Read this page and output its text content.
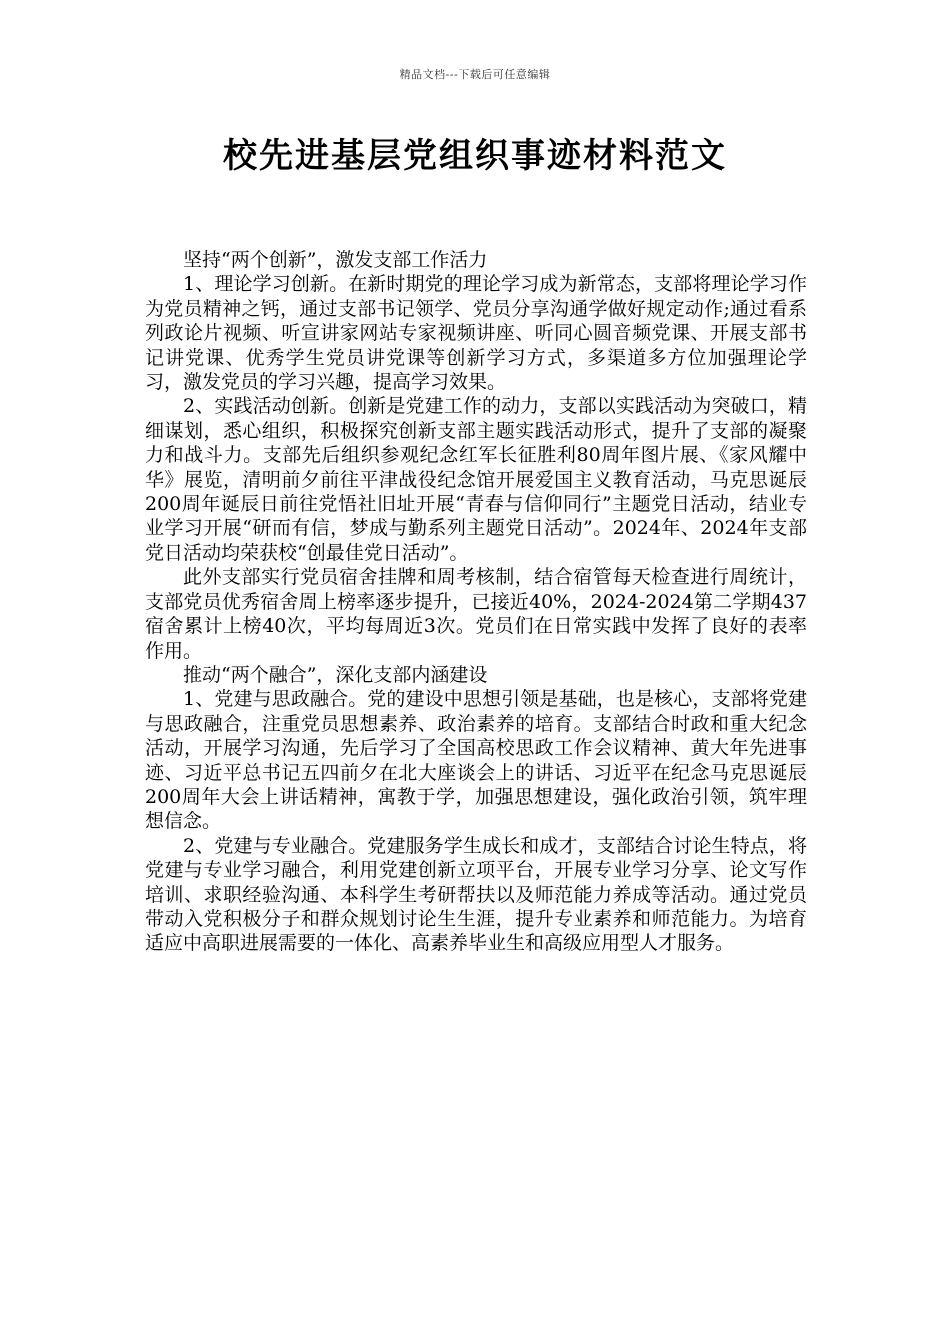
精品文档---下载后可任意编辑
校先进基层党组织事迹材料范文

坚持“两个创新”，激发支部工作活力

1、理论学习创新。在新时期党的理论学习成为新常态，支部将理论学习作为党员精神之钙，通过支部书记领学、党员分享沟通学做好规定动作;通过看系列政论片视频、听宣讲家网站专家视频讲座、听同心圆音频党课、开展支部书记讲党课、优秀学生党员讲党课等创新学习方式，多渠道多方位加强理论学习，激发党员的学习兴趣，提高学习效果。

2、实践活动创新。创新是党建工作的动力，支部以实践活动为突破口，精细谋划，悉心组织，积极探究创新支部主题实践活动形式，提升了支部的凝聚力和战斗力。支部先后组织参观纪念红军长征胜利80周年图片展、《家风耀中华》展览，清明前夕前往平津战役纪念馆开展爱国主义教育活动，马克思诞辰200周年诞辰日前往党悟社旧址开展“青春与信仰同行”主题党日活动，结业专业学习开展“研而有信，梦成与勤系列主题党日活动”。2024年、2024年支部党日活动均荣获校“创最佳党日活动”。

此外支部实行党员宿舍挂牌和周考核制，结合宿管每天检查进行周统计，支部党员优秀宿舍周上榜率逐步提升，已接近40%，2024-2024第二学期437宿舍累计上榜40次，平均每周近3次。党员们在日常实践中发挥了良好的表率作用。

推动“两个融合”，深化支部内涵建设

1、党建与思政融合。党的建设中思想引领是基础，也是核心，支部将党建与思政融合，注重党员思想素养、政治素养的培育。支部结合时政和重大纪念活动，开展学习沟通，先后学习了全国高校思政工作会议精神、黄大年先进事迹、习近平总书记五四前夕在北大座谈会上的讲话、习近平在纪念马克思诞辰200周年大会上讲话精神，寓教于学，加强思想建设，强化政治引领，筑牢理想信念。

2、党建与专业融合。党建服务学生成长和成才，支部结合讨论生特点，将党建与专业学习融合，利用党建创新立项平台，开展专业学习分享、论文写作培训、求职经验沟通、本科学生考研帮扶以及师范能力养成等活动。通过党员带动入党积极分子和群众规划讨论生生涯，提升专业素养和师范能力。为培育适应中高职进展需要的一体化、高素养毕业生和高级应用型人才服务。
